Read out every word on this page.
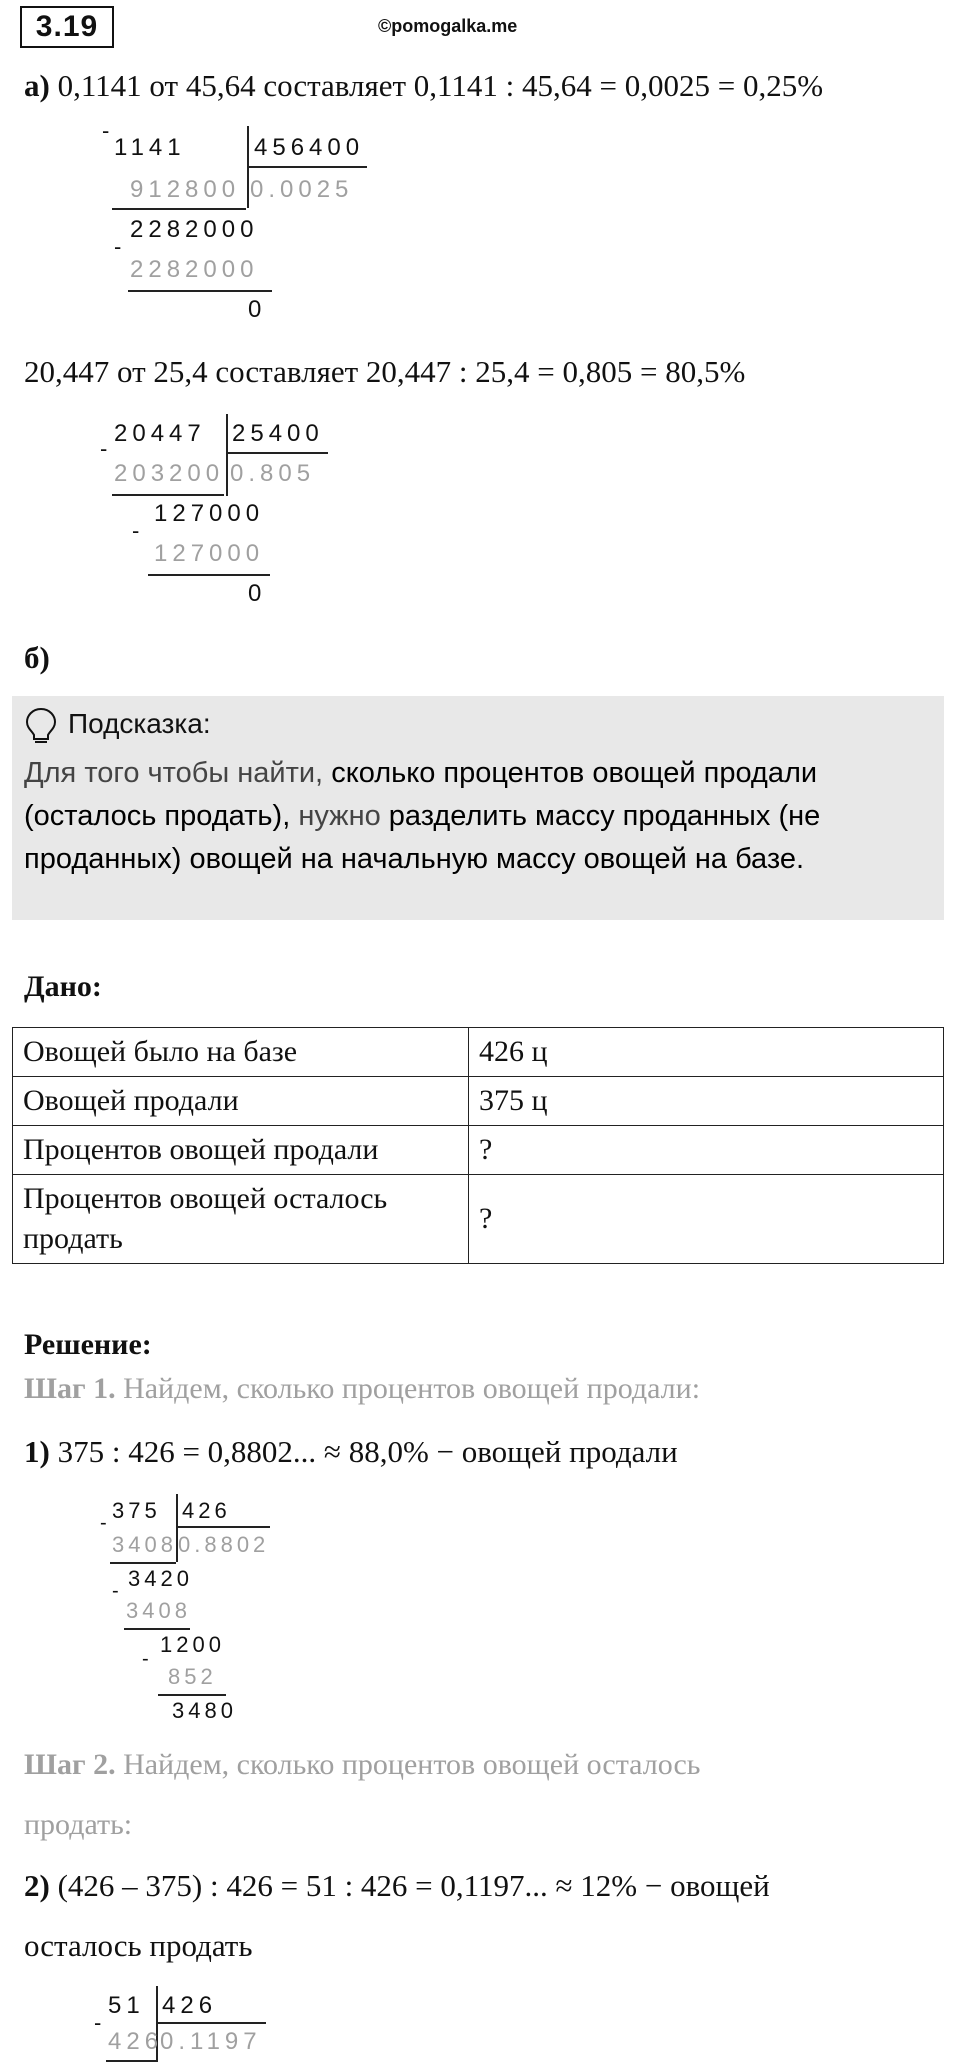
3.19	©pomogalka.me
а) 0,1141 от 45,64 составляет 0,1141 : 45,64 = 0,0025 = 0,25%
1141	456400
-
912800 0.0025
2282000
-
2282000
0
20,447 от 25,4 составляет 20,447 : 25,4 = 0,805 = 80,5%
20447 25400
-
203200 0.805
127000
-
127000
0
б)
Подсказка:
Для того чтобы найти, сколько процентов овощей продали (осталось продать), нужно разделить массу проданных (не проданных) овощей на начальную массу овощей на базе.
Дано:
Овощей было на базе	426 ц
Овощей продали	375 ц
Процентов овощей продали	?
Процентов овощей осталось продать	?
Решение:
Шаг 1. Найдем, сколько процентов овощей продали:
1) 375 : 426 = 0,8802... ≈ 88,0% − овощей продали
375 426
-
3408 0.8802
3420
-
3408
1200
-
852
3480
Шаг 2. Найдем, сколько процентов овощей осталось
продать:
2) (426 – 375) : 426 = 51 : 426 = 0,1197... ≈ 12% − овощей
осталось продать
51 426
-
426
0.1197
